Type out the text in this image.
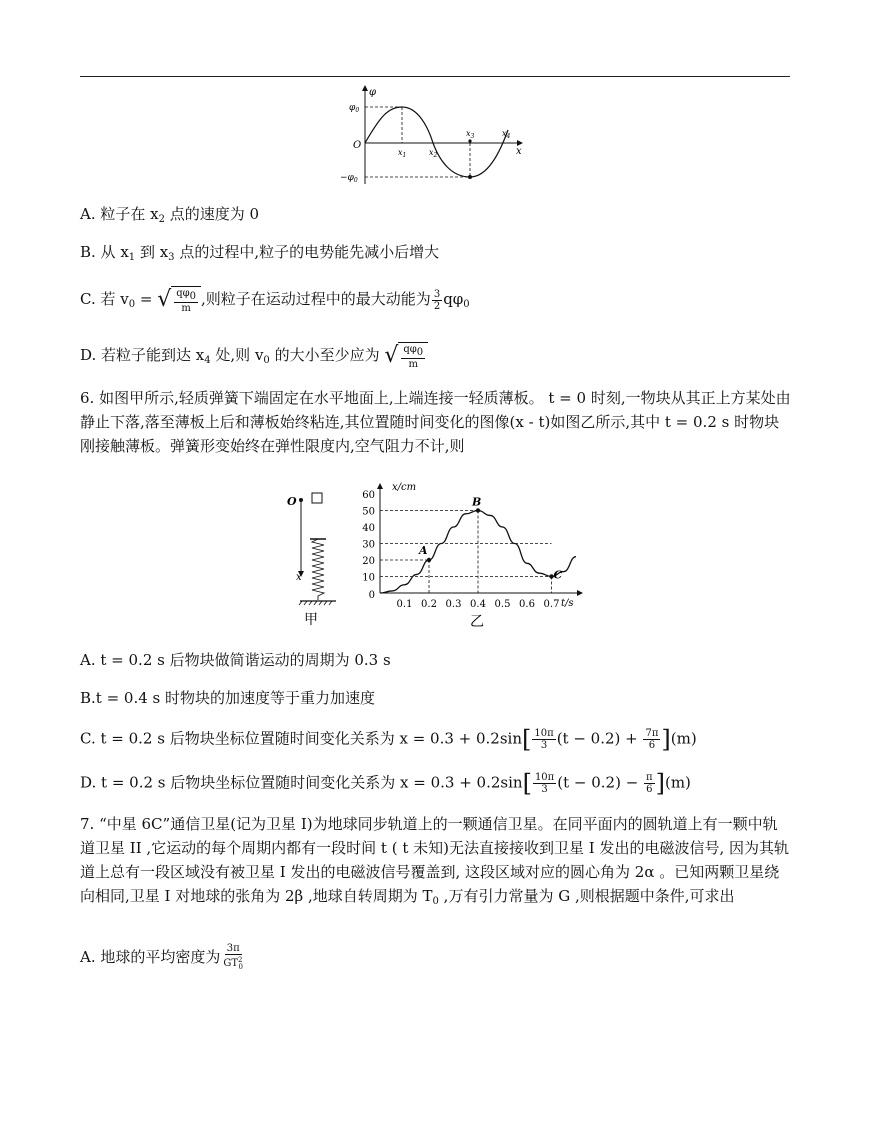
φ
x
O
$\varphi_0$
$-\varphi_0$
$x_1$	$x_2$
$x_3$	$x_4$
A. 粒子在 $x_2$ 点的速度为 0
B. 从 $x_1$ 到 $x_3$ 点的过程中,粒子的电势能先减小后增大
C. 若 $v_0$ = √ $\frac{q\varphi_0}{m}$ ,则粒子在运动过程中的最大动能为 $\frac{3}{2} q\varphi_0$
D. 若粒子能到达 $x_4$ 处,则 $v_0$ 的大小至少应为 √ $\frac{q\varphi_0}{m}$
6. 如图甲所示,轻质弹簧下端固定在水平地面上,上端连接一轻质薄板。 t = 0 时刻,一物块从其正上方某处由静止下落,落至薄板上后和薄板始终粘连,其位置随时间变化的图像(x - t)如图乙所示,其中 t = 0.2 s 时物块刚接触薄板。弹簧形变始终在弹性限度内,空气阻力不计,则
O
x
甲
0.1 0.2 0.3 0.4 0.5 0.6 0.7
10
20
30
40
50
60
A
B
C
x/cm
t/s
0
乙
A. t = 0.2 s 后物块做简谐运动的周期为 0.3 s
B.t = 0.4 s 时物块的加速度等于重力加速度
C. t = 0.2 s 后物块坐标位置随时间变化关系为 $x = 0.3 + 0.2\sin[ \frac{10\pi}{3} (t - 0.2) + \frac{7\pi}{6} ](m)$
D. t = 0.2 s 后物块坐标位置随时间变化关系为 $x = 0.3 + 0.2\sin[ \frac{10\pi}{3} (t - 0.2) - \frac{\pi}{6} ](m)$
7. “中星 6C”通信卫星(记为卫星 I)为地球同步轨道上的一颗通信卫星。在同平面内的圆轨道上有一颗中轨道卫星 II ,它运动的每个周期内都有一段时间 t ( t 未知)无法直接接收到卫星 I 发出的电磁波信号, 因为其轨道上总有一段区域没有被卫星 I 发出的电磁波信号覆盖到, 这段区域对应的圆心角为 2α 。已知两颗卫星绕向相同,卫星 I 对地球的张角为 2β ,地球自转周期为 $T_0$ ,万有引力常量为 G ,则根据题中条件,可求出
A. 地球的平均密度为 $\frac{3\pi}{GT^2_0}$
